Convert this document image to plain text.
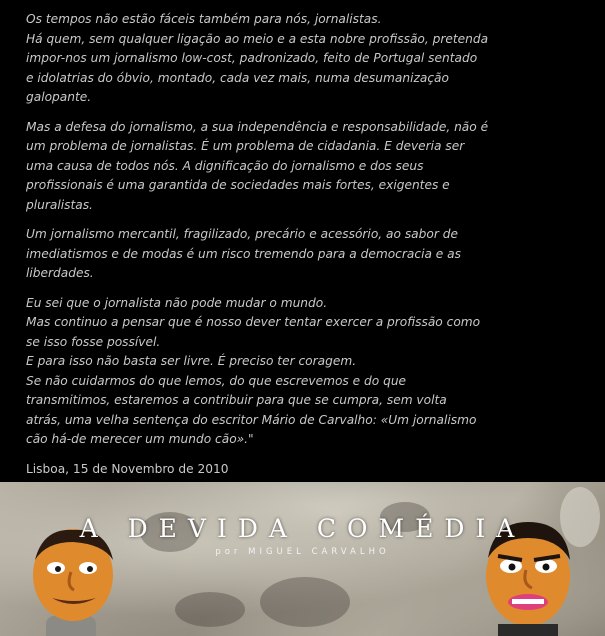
Os tempos não estão fáceis também para nós, jornalistas.
Há quem, sem qualquer ligação ao meio e a esta nobre profissão, pretenda
impor-nos um jornalismo low-cost, padronizado, feito de Portugal sentado
e idolatrias do óbvio, montado, cada vez mais, numa desumanização
galopante.

Mas a defesa do jornalismo, a sua independência e responsabilidade, não é
um problema de jornalistas. É um problema de cidadania. E deveria ser
uma causa de todos nós. A dignificação do jornalismo e dos seus
profissionais é uma garantida de sociedades mais fortes, exigentes e
pluralistas.

Um jornalismo mercantil, fragilizado, precário e acessório, ao sabor de
imediatismos e de modas é um risco tremendo para a democracia e as
liberdades.

Eu sei que o jornalista não pode mudar o mundo.
Mas continuo a pensar que é nosso dever tentar exercer a profissão como
se isso fosse possível.
E para isso não basta ser livre. É preciso ter coragem.
Se não cuidarmos do que lemos, do que escrevemos e do que
transmitimos, estaremos a contribuir para que se cumpra, sem volta
atrás, uma velha sentença do escritor Mário de Carvalho: «Um jornalismo
cão há-de merecer um mundo cão»."

Lisboa, 15 de Novembro de 2010
A DEVIDA COMÉDIA
por MIGUEL CARVALHO
